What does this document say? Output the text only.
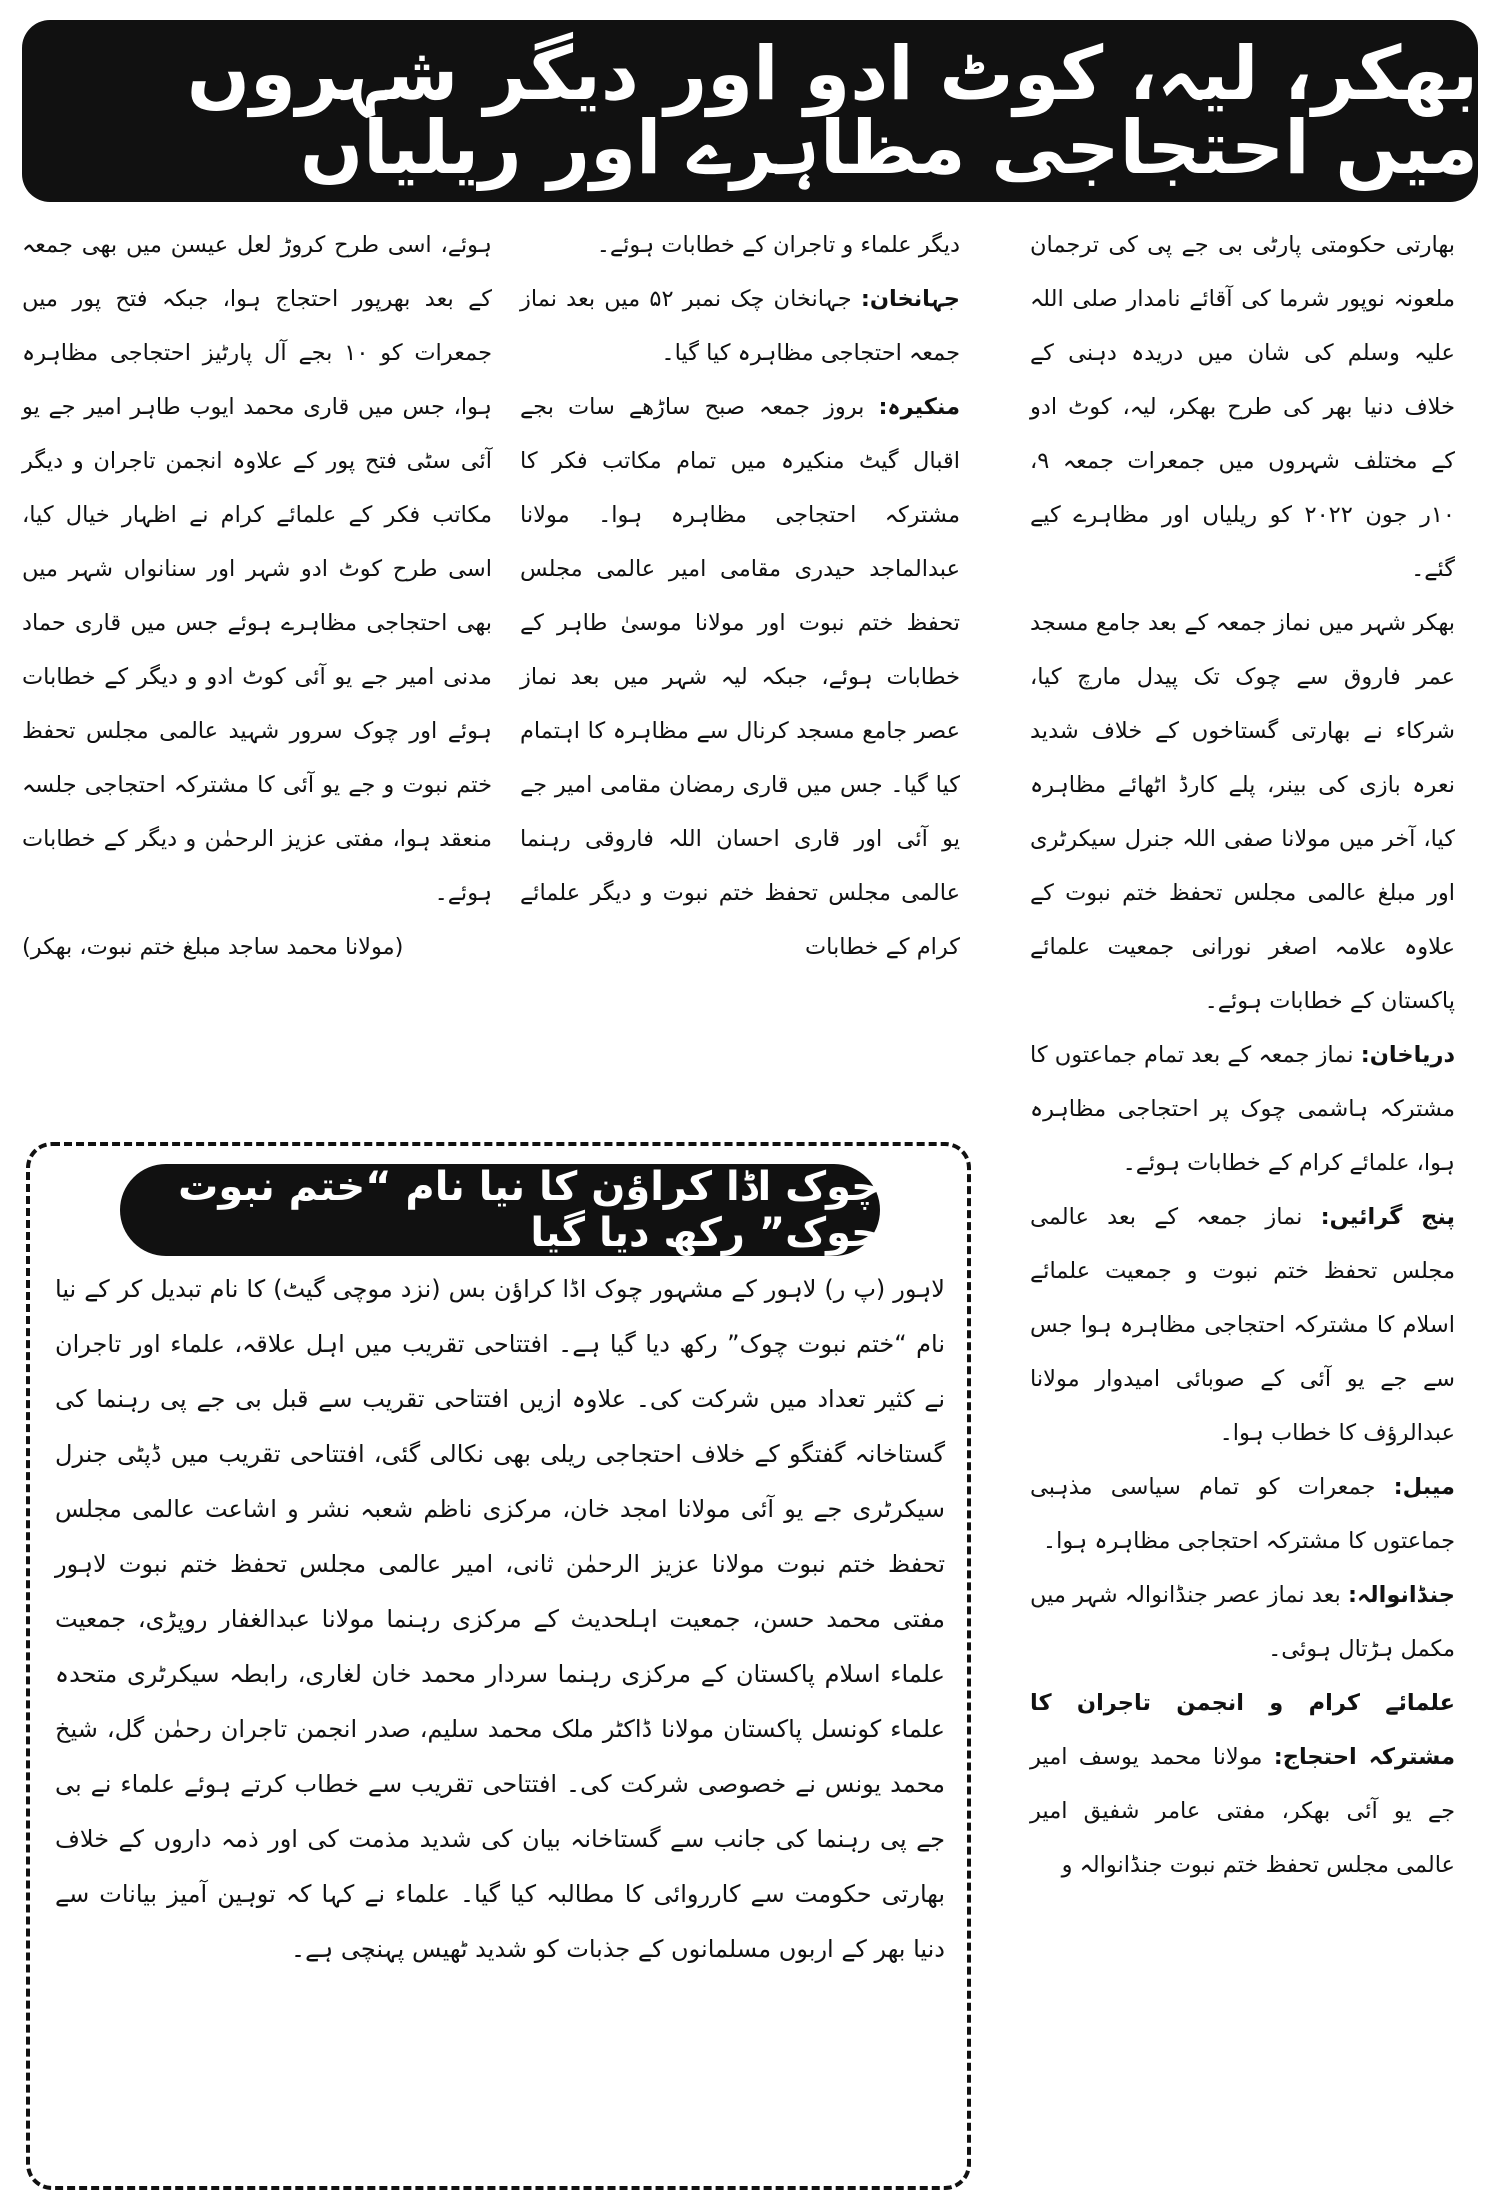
بھکر، لیہ، کوٹ ادو اور دیگر شہروں میں احتجاجی مظاہرے اور ریلیاں

بھارتی حکومتی پارٹی بی جے پی کی ترجمان ملعونہ نوپور شرما کی آقائے نامدار صلی اللہ علیہ وسلم کی شان میں دریدہ دہنی کے خلاف دنیا بھر کی طرح بھکر، لیہ، کوٹ ادو کے مختلف شہروں میں جمعرات جمعہ ۹، ۱۰ر جون ۲۰۲۲ کو ریلیاں اور مظاہرے کیے گئے۔

بھکر شہر میں نماز جمعہ کے بعد جامع مسجد عمر فاروق سے چوک تک پیدل مارچ کیا، شرکاء نے بھارتی گستاخوں کے خلاف شدید نعرہ بازی کی بینر، پلے کارڈ اٹھائے مظاہرہ کیا، آخر میں مولانا صفی اللہ جنرل سیکرٹری اور مبلغ عالمی مجلس تحفظ ختم نبوت کے علاوہ علامہ اصغر نورانی جمعیت علمائے پاکستان کے خطابات ہوئے۔

دریاخان: نماز جمعہ کے بعد تمام جماعتوں کا مشترکہ ہاشمی چوک پر احتجاجی مظاہرہ ہوا، علمائے کرام کے خطابات ہوئے۔

پنج گرائیں: نماز جمعہ کے بعد عالمی مجلس تحفظ ختم نبوت و جمعیت علمائے اسلام کا مشترکہ احتجاجی مظاہرہ ہوا جس سے جے یو آئی کے صوبائی امیدوار مولانا عبدالرؤف کا خطاب ہوا۔

میبل: جمعرات کو تمام سیاسی مذہبی جماعتوں کا مشترکہ احتجاجی مظاہرہ ہوا۔

جنڈانوالہ: بعد نماز عصر جنڈانوالہ شہر میں مکمل ہڑتال ہوئی۔

علمائے کرام و انجمن تاجران کا مشترکہ احتجاج: مولانا محمد یوسف امیر جے یو آئی بھکر، مفتی عامر شفیق امیر عالمی مجلس تحفظ ختم نبوت جنڈانوالہ و

دیگر علماء و تاجران کے خطابات ہوئے۔

جہانخان: جہانخان چک نمبر ۵۲ میں بعد نماز جمعہ احتجاجی مظاہرہ کیا گیا۔

منکیرہ: بروز جمعہ صبح ساڑھے سات بجے اقبال گیٹ منکیرہ میں تمام مکاتب فکر کا مشترکہ احتجاجی مظاہرہ ہوا۔ مولانا عبدالماجد حیدری مقامی امیر عالمی مجلس تحفظ ختم نبوت اور مولانا موسیٰ طاہر کے خطابات ہوئے، جبکہ لیہ شہر میں بعد نماز عصر جامع مسجد کرنال سے مظاہرہ کا اہتمام کیا گیا۔ جس میں قاری رمضان مقامی امیر جے یو آئی اور قاری احسان اللہ فاروقی رہنما عالمی مجلس تحفظ ختم نبوت و دیگر علمائے کرام کے خطابات

ہوئے، اسی طرح کروڑ لعل عیسن میں بھی جمعہ کے بعد بھرپور احتجاج ہوا، جبکہ فتح پور میں جمعرات کو ۱۰ بجے آل پارٹیز احتجاجی مظاہرہ ہوا، جس میں قاری محمد ایوب طاہر امیر جے یو آئی سٹی فتح پور کے علاوہ انجمن تاجران و دیگر مکاتب فکر کے علمائے کرام نے اظہار خیال کیا، اسی طرح کوٹ ادو شہر اور سنانواں شہر میں بھی احتجاجی مظاہرے ہوئے جس میں قاری حماد مدنی امیر جے یو آئی کوٹ ادو و دیگر کے خطابات ہوئے اور چوک سرور شہید عالمی مجلس تحفظ ختم نبوت و جے یو آئی کا مشترکہ احتجاجی جلسہ منعقد ہوا، مفتی عزیز الرحمٰن و دیگر کے خطابات ہوئے۔

(مولانا محمد ساجد مبلغ ختم نبوت، بھکر)

چوک اڈا کراؤن کا نیا نام “ختم نبوت چوک” رکھ دیا گیا

لاہور (پ ر) لاہور کے مشہور چوک اڈا کراؤن بس (نزد موچی گیٹ) کا نام تبدیل کر کے نیا نام “ختم نبوت چوک” رکھ دیا گیا ہے۔ افتتاحی تقریب میں اہل علاقہ، علماء اور تاجران نے کثیر تعداد میں شرکت کی۔ علاوہ ازیں افتتاحی تقریب سے قبل بی جے پی رہنما کی گستاخانہ گفتگو کے خلاف احتجاجی ریلی بھی نکالی گئی، افتتاحی تقریب میں ڈپٹی جنرل سیکرٹری جے یو آئی مولانا امجد خان، مرکزی ناظم شعبہ نشر و اشاعت عالمی مجلس تحفظ ختم نبوت مولانا عزیز الرحمٰن ثانی، امیر عالمی مجلس تحفظ ختم نبوت لاہور مفتی محمد حسن، جمعیت اہلحدیث کے مرکزی رہنما مولانا عبدالغفار روپڑی، جمعیت علماء اسلام پاکستان کے مرکزی رہنما سردار محمد خان لغاری، رابطہ سیکرٹری متحدہ علماء کونسل پاکستان مولانا ڈاکٹر ملک محمد سلیم، صدر انجمن تاجران رحمٰن گل، شیخ محمد یونس نے خصوصی شرکت کی۔ افتتاحی تقریب سے خطاب کرتے ہوئے علماء نے بی جے پی رہنما کی جانب سے گستاخانہ بیان کی شدید مذمت کی اور ذمہ داروں کے خلاف بھارتی حکومت سے کارروائی کا مطالبہ کیا گیا۔ علماء نے کہا کہ توہین آمیز بیانات سے دنیا بھر کے اربوں مسلمانوں کے جذبات کو شدید ٹھیس پہنچی ہے۔
